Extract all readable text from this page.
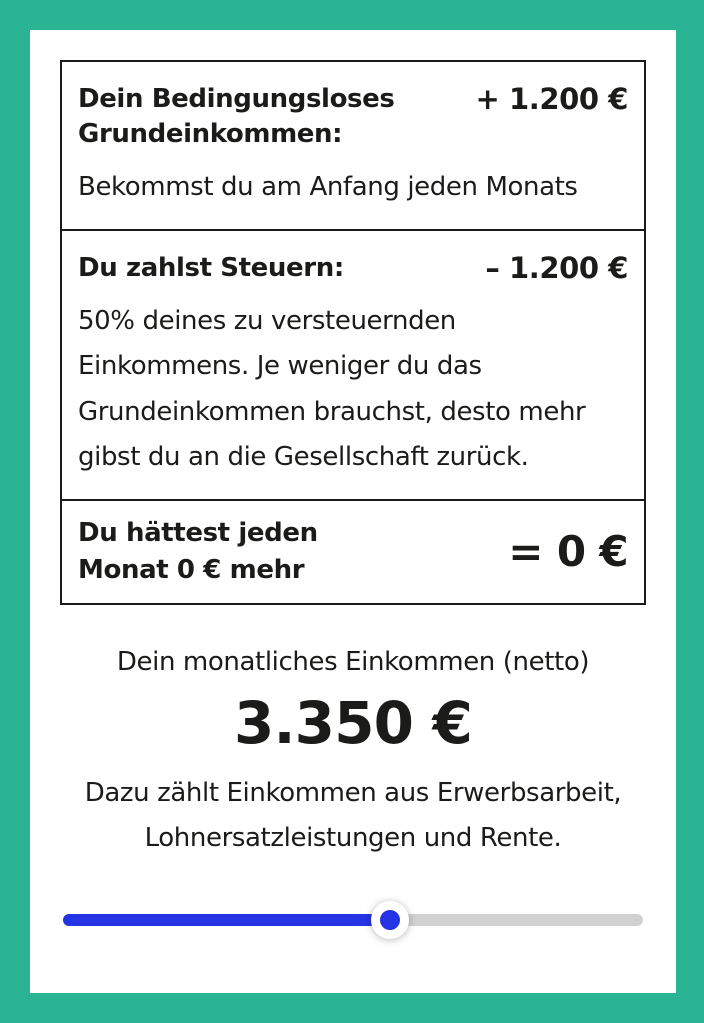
Dein Bedingungsloses Grundeinkommen:
+ 1.200 €
Bekommst du am Anfang jeden Monats
Du zahlst Steuern:	– 1.200 €
50% deines zu versteuernden Einkommens. Je weniger du das Grundeinkommen brauchst, desto mehr gibst du an die Gesellschaft zurück.
Du hättest jeden Monat 0 € mehr	= 0 €
Dein monatliches Einkommen (netto)
3.350 €
Dazu zählt Einkommen aus Erwerbsarbeit, Lohnersatzleistungen und Rente.
